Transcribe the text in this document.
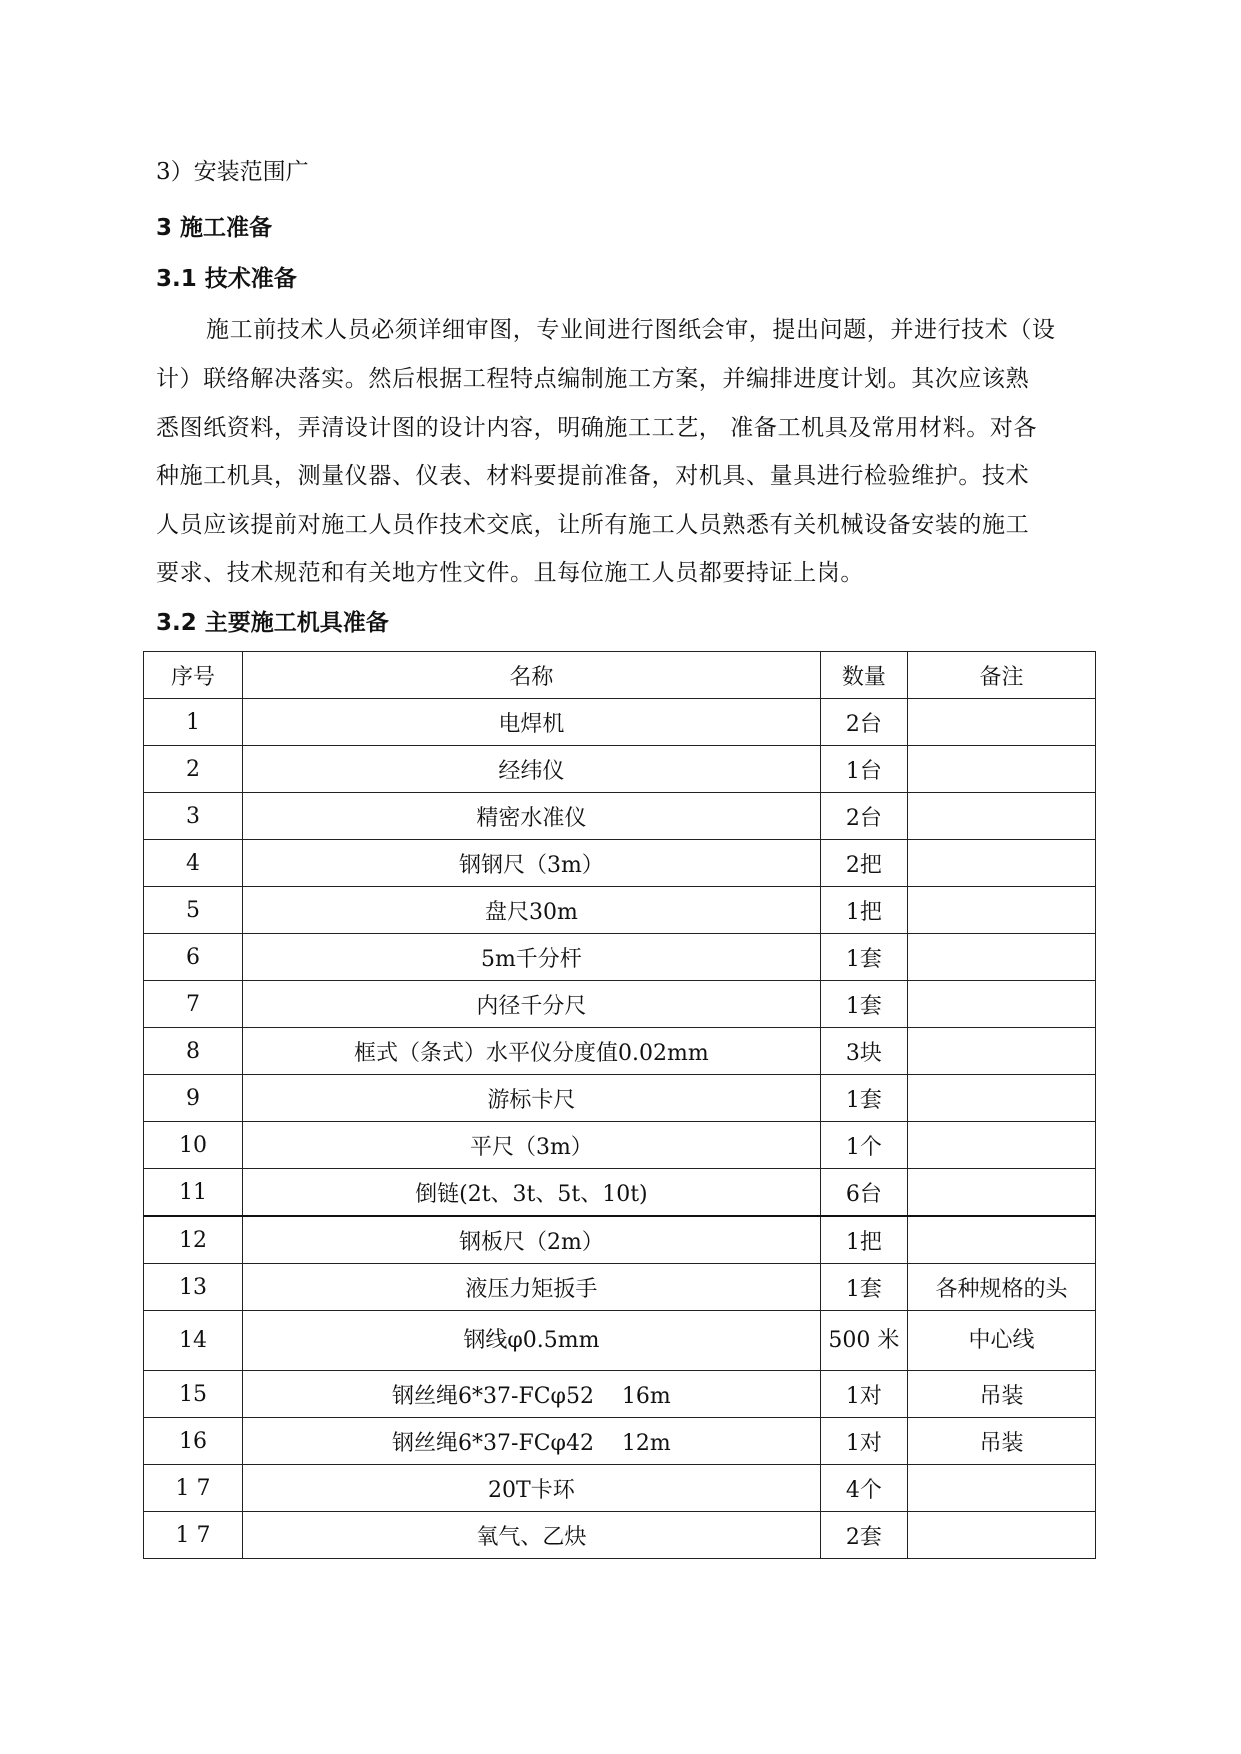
3）安装范围广
3 施工准备
3.1 技术准备
施工前技术人员必须详细审图，专业间进行图纸会审，提出问题，并进行技术（设
计）联络解决落实。然后根据工程特点编制施工方案，并编排进度计划。其次应该熟
悉图纸资料，弄清设计图的设计内容，明确施工工艺， 准备工机具及常用材料。对各
种施工机具，测量仪器、仪表、材料要提前准备，对机具、量具进行检验维护。技术
人员应该提前对施工人员作技术交底，让所有施工人员熟悉有关机械设备安装的施工
要求、技术规范和有关地方性文件。且每位施工人员都要持证上岗。
3.2 主要施工机具准备
序号	名称	数量	备注
1	电焊机	2台	
2	经纬仪	1台	
3	精密水准仪	2台	
4	钢钢尺（3m）	2把	
5	盘尺30m	1把	
6	5m千分杆	1套	
7	内径千分尺	1套	
8	框式（条式）水平仪分度值0.02mm	3块	
9	游标卡尺	1套	
10	平尺（3m）	1个	
11	倒链(2t、3t、5t、10t)	6台	
12	钢板尺（2m）	1把	
13	液压力矩扳手	1套	各种规格的头
14	钢线φ0.5mm	500 米	中心线
15	钢丝绳6*37-FCφ52    16m	1对	吊装
16	钢丝绳6*37-FCφ42    12m	1对	吊装
1 7	20T卡环	4个	
1 7	氧气、乙炔	2套	
